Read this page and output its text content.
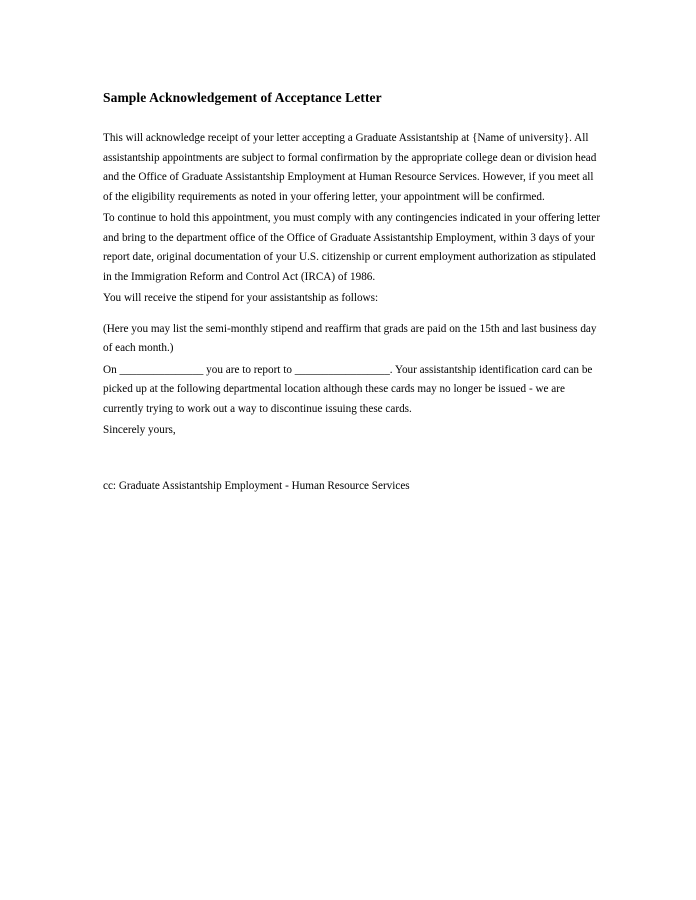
Sample Acknowledgement of Acceptance Letter

This will acknowledge receipt of your letter accepting a Graduate Assistantship at {Name of university}. All assistantship appointments are subject to formal confirmation by the appropriate college dean or division head and the Office of Graduate Assistantship Employment at Human Resource Services. However, if you meet all of the eligibility requirements as noted in your offering letter, your appointment will be confirmed.

To continue to hold this appointment, you must comply with any contingencies indicated in your offering letter and bring to the department office of the Office of Graduate Assistantship Employment, within 3 days of your report date, original documentation of your U.S. citizenship or current employment authorization as stipulated in the Immigration Reform and Control Act (IRCA) of 1986.

You will receive the stipend for your assistantship as follows:

(Here you may list the semi-monthly stipend and reaffirm that grads are paid on the 15th and last business day of each month.)

On _______________ you are to report to _________________. Your assistantship identification card can be picked up at the following departmental location although these cards may no longer be issued - we are currently trying to work out a way to discontinue issuing these cards.

Sincerely yours,

cc: Graduate Assistantship Employment - Human Resource Services
